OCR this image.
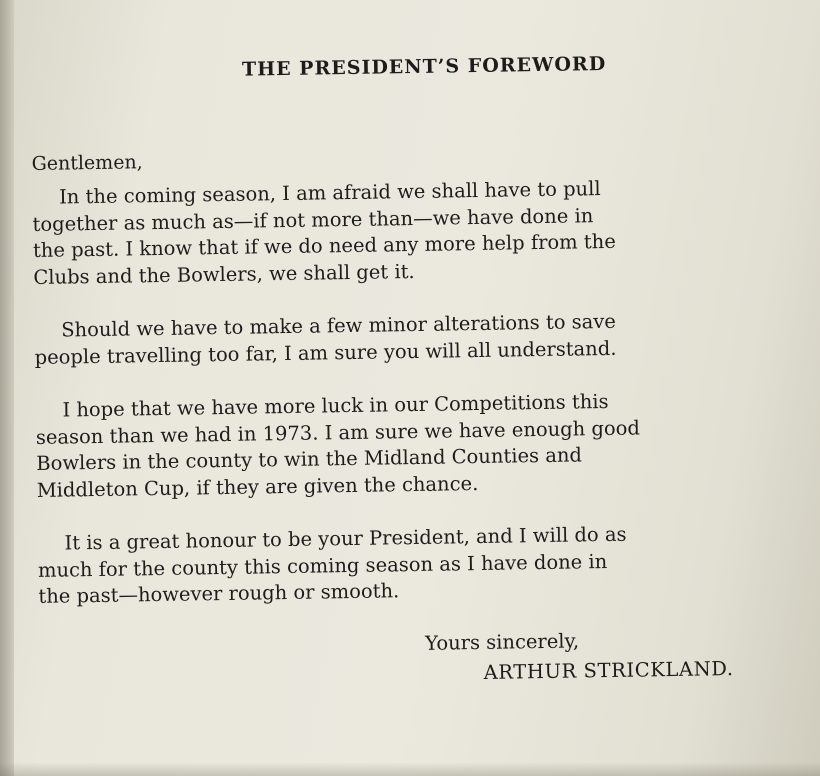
THE PRESIDENT’S FOREWORD
Gentlemen,

In the coming season, I am afraid we shall have to pull
together as much as—if not more than—we have done in
the past. I know that if we do need any more help from the
Clubs and the Bowlers, we shall get it.

Should we have to make a few minor alterations to save
people travelling too far, I am sure you will all understand.

I hope that we have more luck in our Competitions this
season than we had in 1973. I am sure we have enough good
Bowlers in the county to win the Midland Counties and
Middleton Cup, if they are given the chance.

It is a great honour to be your President, and I will do as
much for the county this coming season as I have done in
the past—however rough or smooth.

Yours sincerely,
ARTHUR STRICKLAND.
